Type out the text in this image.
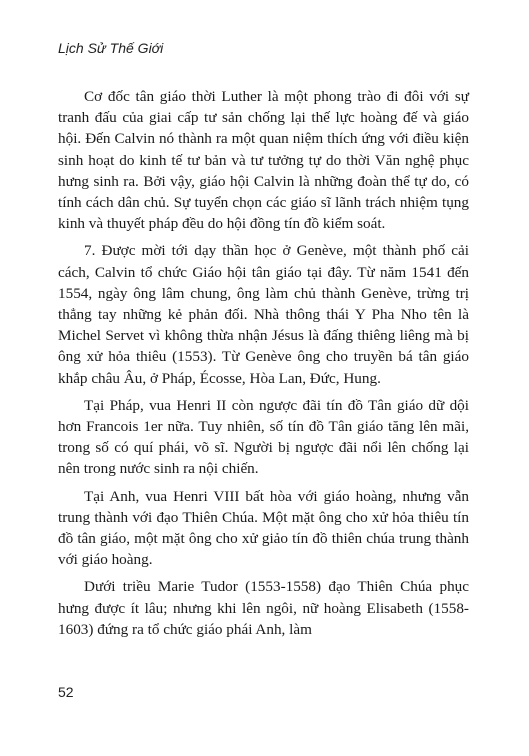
Lịch Sử Thế Giới

Cơ đốc tân giáo thời Luther là một phong trào đi đôi với sự tranh đấu của giai cấp tư sản chống lại thế lực hoàng đế và giáo hội. Đến Calvin nó thành ra một quan niệm thích ứng với điều kiện sinh hoạt do kinh tế tư bản và tư tưởng tự do thời Văn nghệ phục hưng sinh ra. Bởi vậy, giáo hội Calvin là những đoàn thể tự do, có tính cách dân chủ. Sự tuyển chọn các giáo sĩ lãnh trách nhiệm tụng kinh và thuyết pháp đều do hội đồng tín đồ kiểm soát.

7. Được mời tới dạy thần học ở Genève, một thành phố cải cách, Calvin tổ chức Giáo hội tân giáo tại đây. Từ năm 1541 đến 1554, ngày ông lâm chung, ông làm chủ thành Genève, trừng trị thẳng tay những kẻ phản đối. Nhà thông thái Y Pha Nho tên là Michel Servet vì không thừa nhận Jésus là đấng thiêng liêng mà bị ông xử hỏa thiêu (1553). Từ Genève ông cho truyền bá tân giáo khắp châu Âu, ở Pháp, Écosse, Hòa Lan, Đức, Hung.

Tại Pháp, vua Henri II còn ngược đãi tín đồ Tân giáo dữ dội hơn Francois 1er nữa. Tuy nhiên, số tín đồ Tân giáo tăng lên mãi, trong số có quí phái, võ sĩ. Người bị ngược đãi nổi lên chống lại nên trong nước sinh ra nội chiến.

Tại Anh, vua Henri VIII bất hòa với giáo hoàng, nhưng vẫn trung thành với đạo Thiên Chúa. Một mặt ông cho xử hỏa thiêu tín đồ tân giáo, một mặt ông cho xử giảo tín đồ thiên chúa trung thành với giáo hoàng.

Dưới triều Marie Tudor (1553-1558) đạo Thiên Chúa phục hưng được ít lâu; nhưng khi lên ngôi, nữ hoàng Elisabeth (1558-1603) đứng ra tổ chức giáo phái Anh, làm

52
